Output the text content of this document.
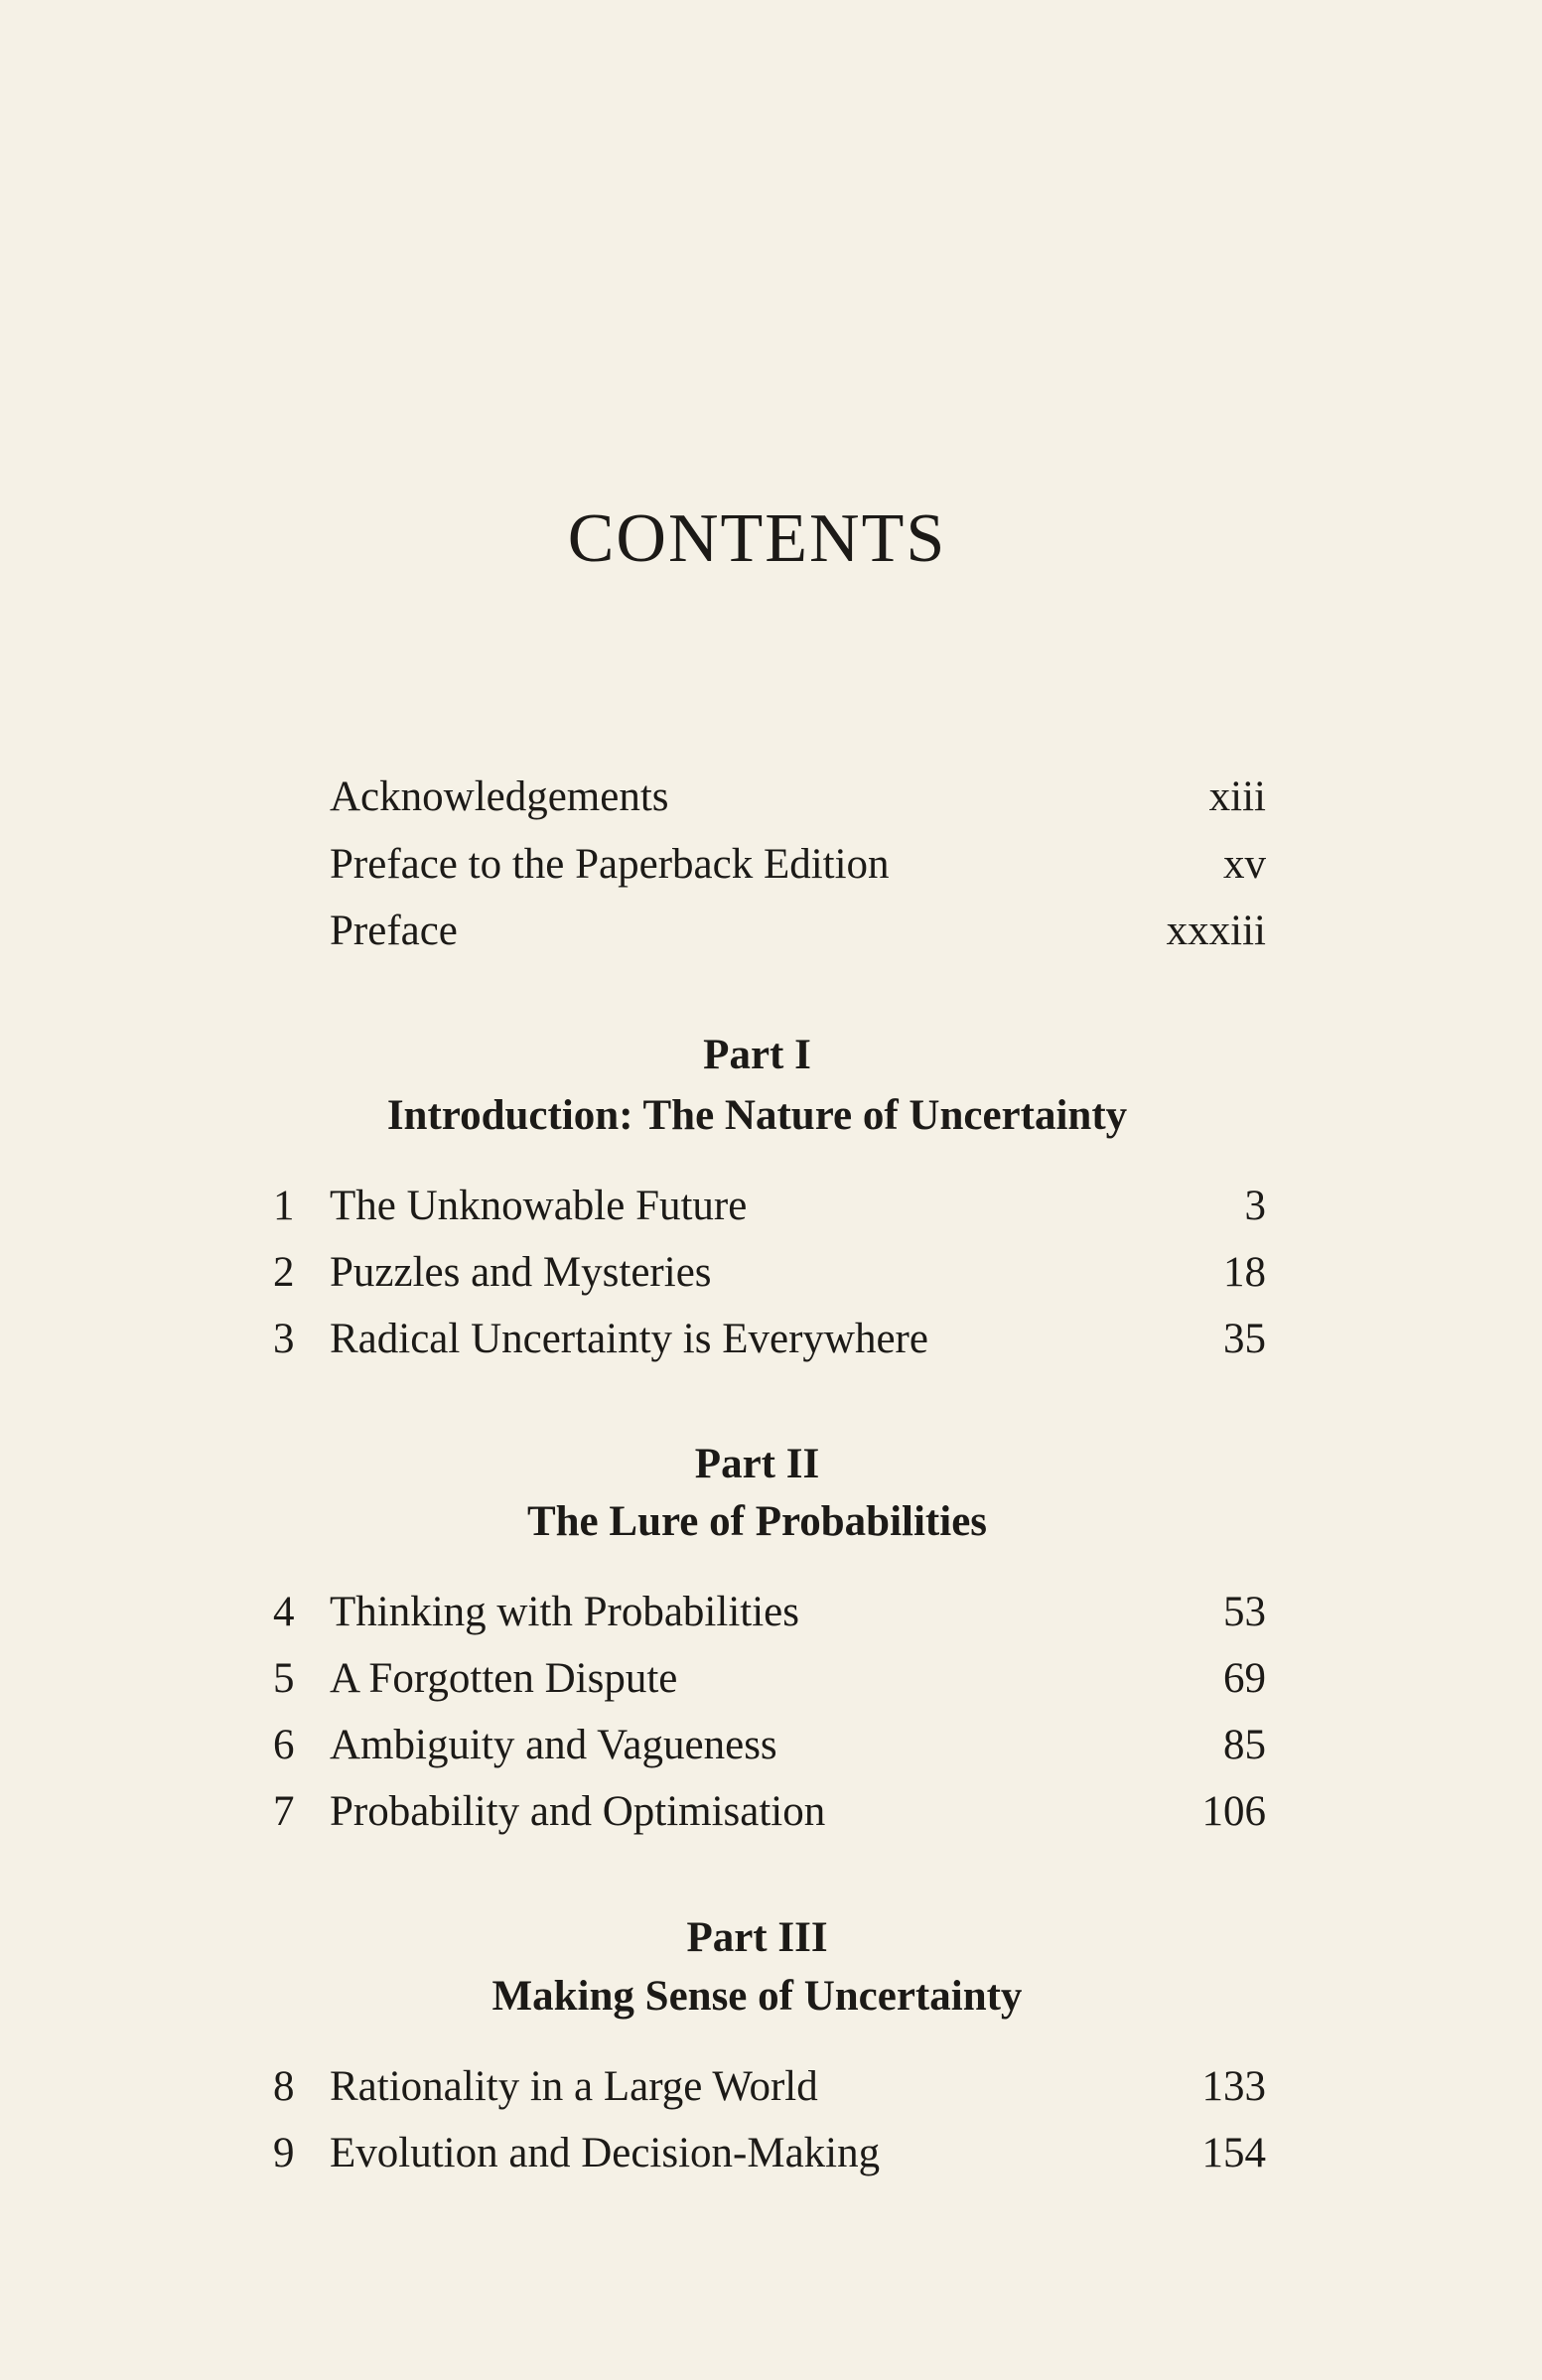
CONTENTS
Acknowledgements	xiii
Preface to the Paperback Edition	xv
Preface	xxxiii
Part I
Introduction: The Nature of Uncertainty
1 The Unknowable Future	3
2 Puzzles and Mysteries	18
3 Radical Uncertainty is Everywhere	35
Part II
The Lure of Probabilities
4 Thinking with Probabilities	53
5 A Forgotten Dispute	69
6 Ambiguity and Vagueness	85
7 Probability and Optimisation	106
Part III
Making Sense of Uncertainty
8 Rationality in a Large World	133
9 Evolution and Decision-Making	154
